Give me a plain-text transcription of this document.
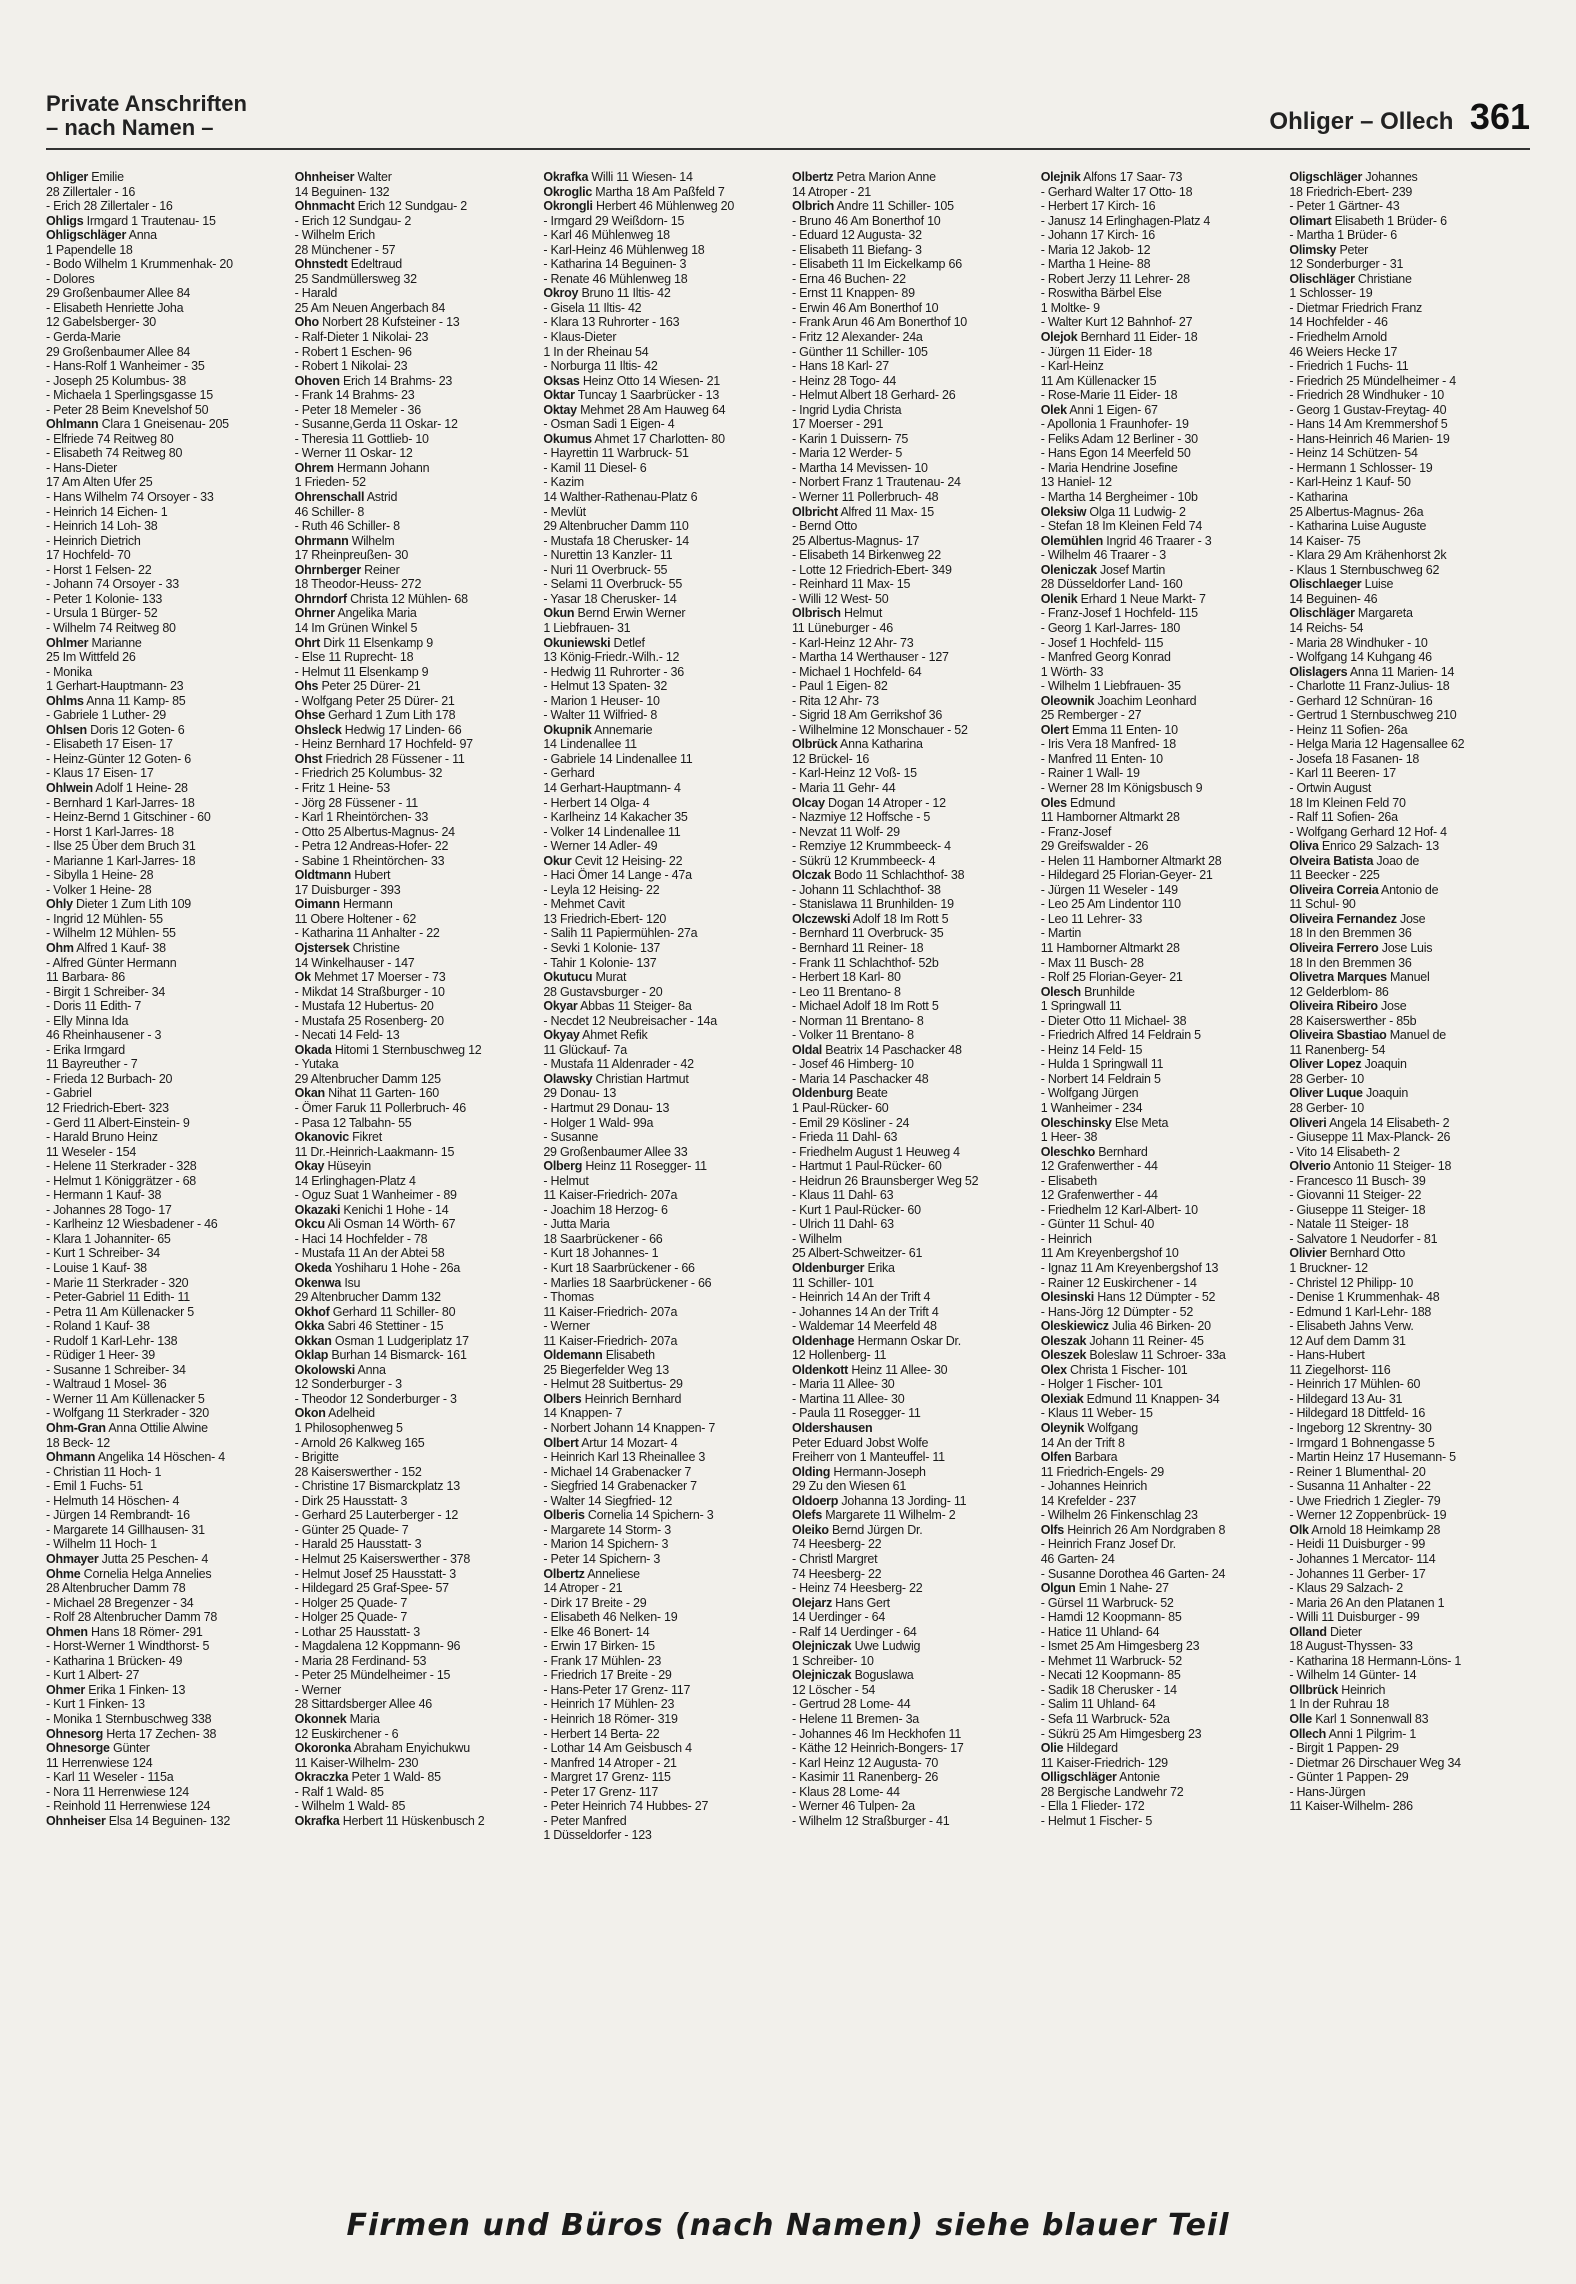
Private Anschriften
– nach Namen –	Ohliger – Ollech 361
Ohliger Emilie
28 Zillertaler - 16
- Erich 28 Zillertaler - 16
Ohligs Irmgard 1 Trautenau- 15
Ohligschläger Anna
1 Papendelle 18
- Bodo Wilhelm 1 Krummenhak- 20
- Dolores
29 Großenbaumer Allee 84
- Elisabeth Henriette Joha
12 Gabelsberger- 30
- Gerda-Marie
29 Großenbaumer Allee 84
- Hans-Rolf 1 Wanheimer - 35
- Joseph 25 Kolumbus- 38
- Michaela 1 Sperlingsgasse 15
- Peter 28 Beim Knevelshof 50
Ohlmann Clara 1 Gneisenau- 205
- Elfriede 74 Reitweg 80
- Elisabeth 74 Reitweg 80
- Hans-Dieter
17 Am Alten Ufer 25
- Hans Wilhelm 74 Orsoyer - 33
- Heinrich 14 Eichen- 1
- Heinrich 14 Loh- 38
- Heinrich Dietrich
17 Hochfeld- 70
- Horst 1 Felsen- 22
- Johann 74 Orsoyer - 33
- Peter 1 Kolonie- 133
- Ursula 1 Bürger- 52
- Wilhelm 74 Reitweg 80
Ohlmer Marianne
25 Im Wittfeld 26
- Monika
1 Gerhart-Hauptmann- 23
Ohlms Anna 11 Kamp- 85
- Gabriele 1 Luther- 29
Ohlsen Doris 12 Goten- 6
- Elisabeth 17 Eisen- 17
- Heinz-Günter 12 Goten- 6
- Klaus 17 Eisen- 17
Ohlwein Adolf 1 Heine- 28
- Bernhard 1 Karl-Jarres- 18
- Heinz-Bernd 1 Gitschiner - 60
- Horst 1 Karl-Jarres- 18
- Ilse 25 Über dem Bruch 31
- Marianne 1 Karl-Jarres- 18
- Sibylla 1 Heine- 28
- Volker 1 Heine- 28
Ohly Dieter 1 Zum Lith 109
- Ingrid 12 Mühlen- 55
- Wilhelm 12 Mühlen- 55
Ohm Alfred 1 Kauf- 38
- Alfred Günter Hermann
11 Barbara- 86
- Birgit 1 Schreiber- 34
- Doris 11 Edith- 7
- Elly Minna Ida
46 Rheinhausener - 3
- Erika Irmgard
11 Bayreuther - 7
- Frieda 12 Burbach- 20
- Gabriel
12 Friedrich-Ebert- 323
- Gerd 11 Albert-Einstein- 9
- Harald Bruno Heinz
11 Weseler - 154
- Helene 11 Sterkrader - 328
- Helmut 1 Königgrätzer - 68
- Hermann 1 Kauf- 38
- Johannes 28 Togo- 17
- Karlheinz 12 Wiesbadener - 46
- Klara 1 Johanniter- 65
- Kurt 1 Schreiber- 34
- Louise 1 Kauf- 38
- Marie 11 Sterkrader - 320
- Peter-Gabriel 11 Edith- 11
- Petra 11 Am Küllenacker 5
- Roland 1 Kauf- 38
- Rudolf 1 Karl-Lehr- 138
- Rüdiger 1 Heer- 39
- Susanne 1 Schreiber- 34
- Waltraud 1 Mosel- 36
- Werner 11 Am Küllenacker 5
- Wolfgang 11 Sterkrader - 320
Ohm-Gran Anna Ottilie Alwine
18 Beck- 12
Ohmann Angelika 14 Höschen- 4
- Christian 11 Hoch- 1
- Emil 1 Fuchs- 51
- Helmuth 14 Höschen- 4
- Jürgen 14 Rembrandt- 16
- Margarete 14 Gillhausen- 31
- Wilhelm 11 Hoch- 1
Ohmayer Jutta 25 Peschen- 4
Ohme Cornelia Helga Annelies
28 Altenbrucher Damm 78
- Michael 28 Bregenzer - 34
- Rolf 28 Altenbrucher Damm 78
Ohmen Hans 18 Römer- 291
- Horst-Werner 1 Windthorst- 5
- Katharina 1 Brücken- 49
- Kurt 1 Albert- 27
Ohmer Erika 1 Finken- 13
- Kurt 1 Finken- 13
- Monika 1 Sternbuschweg 338
Ohnesorg Herta 17 Zechen- 38
Ohnesorge Günter
11 Herrenwiese 124
- Karl 11 Weseler - 115a
- Nora 11 Herrenwiese 124
- Reinhold 11 Herrenwiese 124
Ohnheiser Elsa 14 Beguinen- 132
Ohnheiser Walter
14 Beguinen- 132
Ohnmacht Erich 12 Sundgau- 2
- Erich 12 Sundgau- 2
- Wilhelm Erich
28 Münchener - 57
Ohnstedt Edeltraud
25 Sandmüllersweg 32
- Harald
25 Am Neuen Angerbach 84
Oho Norbert 28 Kufsteiner - 13
- Ralf-Dieter 1 Nikolai- 23
- Robert 1 Eschen- 96
- Robert 1 Nikolai- 23
Ohoven Erich 14 Brahms- 23
- Frank 14 Brahms- 23
- Peter 18 Memeler - 36
- Susanne,Gerda 11 Oskar- 12
- Theresia 11 Gottlieb- 10
- Werner 11 Oskar- 12
Ohrem Hermann Johann
1 Frieden- 52
Ohrenschall Astrid
46 Schiller- 8
- Ruth 46 Schiller- 8
Ohrmann Wilhelm
17 Rheinpreußen- 30
Ohrnberger Reiner
18 Theodor-Heuss- 272
Ohrndorf Christa 12 Mühlen- 68
Ohrner Angelika Maria
14 Im Grünen Winkel 5
Ohrt Dirk 11 Elsenkamp 9
- Else 11 Ruprecht- 18
- Helmut 11 Elsenkamp 9
Ohs Peter 25 Dürer- 21
- Wolfgang Peter 25 Dürer- 21
Ohse Gerhard 1 Zum Lith 178
Ohsleck Hedwig 17 Linden- 66
- Heinz Bernhard 17 Hochfeld- 97
Ohst Friedrich 28 Füssener - 11
- Friedrich 25 Kolumbus- 32
- Fritz 1 Heine- 53
- Jörg 28 Füssener - 11
- Karl 1 Rheintörchen- 33
- Otto 25 Albertus-Magnus- 24
- Petra 12 Andreas-Hofer- 22
- Sabine 1 Rheintörchen- 33
Oldtmann Hubert
17 Duisburger - 393
Oimann Hermann
11 Obere Holtener - 62
- Katharina 11 Anhalter - 22
Ojstersek Christine
14 Winkelhauser - 147
Ok Mehmet 17 Moerser - 73
- Mikdat 14 Straßburger - 10
- Mustafa 12 Hubertus- 20
- Mustafa 25 Rosenberg- 20
- Necati 14 Feld- 13
Okada Hitomi 1 Sternbuschweg 12
- Yutaka
29 Altenbrucher Damm 125
Okan Nihat 11 Garten- 160
- Ömer Faruk 11 Pollerbruch- 46
- Pasa 12 Talbahn- 55
Okanovic Fikret
11 Dr.-Heinrich-Laakmann- 15
Okay Hüseyin
14 Erlinghagen-Platz 4
- Oguz Suat 1 Wanheimer - 89
Okazaki Kenichi 1 Hohe - 14
Okcu Ali Osman 14 Wörth- 67
- Haci 14 Hochfelder - 78
- Mustafa 11 An der Abtei 58
Okeda Yoshiharu 1 Hohe - 26a
Okenwa Isu
29 Altenbrucher Damm 132
Okhof Gerhard 11 Schiller- 80
Okka Sabri 46 Stettiner - 15
Okkan Osman 1 Ludgeriplatz 17
Oklap Burhan 14 Bismarck- 161
Okolowski Anna
12 Sonderburger - 3
- Theodor 12 Sonderburger - 3
Okon Adelheid
1 Philosophenweg 5
- Arnold 26 Kalkweg 165
- Brigitte
28 Kaiserswerther - 152
- Christine 17 Bismarckplatz 13
- Dirk 25 Hausstatt- 3
- Gerhard 25 Lauterberger - 12
- Günter 25 Quade- 7
- Harald 25 Hausstatt- 3
- Helmut 25 Kaiserswerther - 378
- Helmut Josef 25 Hausstatt- 3
- Hildegard 25 Graf-Spee- 57
- Holger 25 Quade- 7
- Holger 25 Quade- 7
- Lothar 25 Hausstatt- 3
- Magdalena 12 Koppmann- 96
- Maria 28 Ferdinand- 53
- Peter 25 Mündelheimer - 15
- Werner
28 Sittardsberger Allee 46
Okonnek Maria
12 Euskirchener - 6
Okoronka Abraham Enyichukwu
11 Kaiser-Wilhelm- 230
Okraczka Peter 1 Wald- 85
- Ralf 1 Wald- 85
- Wilhelm 1 Wald- 85
Okrafka Herbert 11 Hüskenbusch 2
Okrafka Willi 11 Wiesen- 14
Okroglic Martha 18 Am Paßfeld 7
Okrongli Herbert 46 Mühlenweg 20
- Irmgard 29 Weißdorn- 15
- Karl 46 Mühlenweg 18
- Karl-Heinz 46 Mühlenweg 18
- Katharina 14 Beguinen- 3
- Renate 46 Mühlenweg 18
Okroy Bruno 11 Iltis- 42
- Gisela 11 Iltis- 42
- Klara 13 Ruhrorter - 163
- Klaus-Dieter
1 In der Rheinau 54
- Norburga 11 Iltis- 42
Oksas Heinz Otto 14 Wiesen- 21
Oktar Tuncay 1 Saarbrücker - 13
Oktay Mehmet 28 Am Hauweg 64
- Osman Sadi 1 Eigen- 4
Okumus Ahmet 17 Charlotten- 80
- Hayrettin 11 Warbruck- 51
- Kamil 11 Diesel- 6
- Kazim
14 Walther-Rathenau-Platz 6
- Mevlüt
29 Altenbrucher Damm 110
- Mustafa 18 Cherusker- 14
- Nurettin 13 Kanzler- 11
- Nuri 11 Overbruck- 55
- Selami 11 Overbruck- 55
- Yasar 18 Cherusker- 14
Okun Bernd Erwin Werner
1 Liebfrauen- 31
Okuniewski Detlef
13 König-Friedr.-Wilh.- 12
- Hedwig 11 Ruhrorter - 36
- Helmut 13 Spaten- 32
- Marion 1 Heuser- 10
- Walter 11 Wilfried- 8
Okupnik Annemarie
14 Lindenallee 11
- Gabriele 14 Lindenallee 11
- Gerhard
14 Gerhart-Hauptmann- 4
- Herbert 14 Olga- 4
- Karlheinz 14 Kakacher 35
- Volker 14 Lindenallee 11
- Werner 14 Adler- 49
Okur Cevit 12 Heising- 22
- Haci Ömer 14 Lange - 47a
- Leyla 12 Heising- 22
- Mehmet Cavit
13 Friedrich-Ebert- 120
- Salih 11 Papiermühlen- 27a
- Sevki 1 Kolonie- 137
- Tahir 1 Kolonie- 137
Okutucu Murat
28 Gustavsburger - 20
Okyar Abbas 11 Steiger- 8a
- Necdet 12 Neubreisacher - 14a
Okyay Ahmet Refik
11 Glückauf- 7a
- Mustafa 11 Aldenrader - 42
Olawsky Christian Hartmut
29 Donau- 13
- Hartmut 29 Donau- 13
- Holger 1 Wald- 99a
- Susanne
29 Großenbaumer Allee 33
Olberg Heinz 11 Rosegger- 11
- Helmut
11 Kaiser-Friedrich- 207a
- Joachim 18 Herzog- 6
- Jutta Maria
18 Saarbrückener - 66
- Kurt 18 Johannes- 1
- Kurt 18 Saarbrückener - 66
- Marlies 18 Saarbrückener - 66
- Thomas
11 Kaiser-Friedrich- 207a
- Werner
11 Kaiser-Friedrich- 207a
Oldemann Elisabeth
25 Biegerfelder Weg 13
- Helmut 28 Suitbertus- 29
Olbers Heinrich Bernhard
14 Knappen- 7
- Norbert Johann 14 Knappen- 7
Olbert Artur 14 Mozart- 4
- Heinrich Karl 13 Rheinallee 3
- Michael 14 Grabenacker 7
- Siegfried 14 Grabenacker 7
- Walter 14 Siegfried- 12
Olberis Cornelia 14 Spichern- 3
- Margarete 14 Storm- 3
- Marion 14 Spichern- 3
- Peter 14 Spichern- 3
Olbertz Anneliese
14 Atroper - 21
- Dirk 17 Breite - 29
- Elisabeth 46 Nelken- 19
- Elke 46 Bonert- 14
- Erwin 17 Birken- 15
- Frank 17 Mühlen- 23
- Friedrich 17 Breite - 29
- Hans-Peter 17 Grenz- 117
- Heinrich 17 Mühlen- 23
- Heinrich 18 Römer- 319
- Herbert 14 Berta- 22
- Lothar 14 Am Geisbusch 4
- Manfred 14 Atroper - 21
- Margret 17 Grenz- 115
- Peter 17 Grenz- 117
- Peter Heinrich 74 Hubbes- 27
- Peter Manfred
1 Düsseldorfer - 123
Olbertz Petra Marion Anne
14 Atroper - 21
Olbrich Andre 11 Schiller- 105
- Bruno 46 Am Bonerthof 10
- Eduard 12 Augusta- 32
- Elisabeth 11 Biefang- 3
- Elisabeth 11 Im Eickelkamp 66
- Erna 46 Buchen- 22
- Ernst 11 Knappen- 89
- Erwin 46 Am Bonerthof 10
- Frank Arun 46 Am Bonerthof 10
- Fritz 12 Alexander- 24a
- Günther 11 Schiller- 105
- Hans 18 Karl- 27
- Heinz 28 Togo- 44
- Helmut Albert 18 Gerhard- 26
- Ingrid Lydia Christa
17 Moerser - 291
- Karin 1 Duissern- 75
- Maria 12 Werder- 5
- Martha 14 Mevissen- 10
- Norbert Franz 1 Trautenau- 24
- Werner 11 Pollerbruch- 48
Olbricht Alfred 11 Max- 15
- Bernd Otto
25 Albertus-Magnus- 17
- Elisabeth 14 Birkenweg 22
- Lotte 12 Friedrich-Ebert- 349
- Reinhard 11 Max- 15
- Willi 12 West- 50
Olbrisch Helmut
11 Lüneburger - 46
- Karl-Heinz 12 Ahr- 73
- Martha 14 Werthauser - 127
- Michael 1 Hochfeld- 64
- Paul 1 Eigen- 82
- Rita 12 Ahr- 73
- Sigrid 18 Am Gerrikshof 36
- Wilhelmine 12 Monschauer - 52
Olbrück Anna Katharina
12 Brückel- 16
- Karl-Heinz 12 Voß- 15
- Maria 11 Gehr- 44
Olcay Dogan 14 Atroper - 12
- Nazmiye 12 Hoffsche - 5
- Nevzat 11 Wolf- 29
- Remziye 12 Krummbeeck- 4
- Sükrü 12 Krummbeeck- 4
Olczak Bodo 11 Schlachthof- 38
- Johann 11 Schlachthof- 38
- Stanislawa 11 Brunhilden- 19
Olczewski Adolf 18 Im Rott 5
- Bernhard 11 Overbruck- 35
- Bernhard 11 Reiner- 18
- Frank 11 Schlachthof- 52b
- Herbert 18 Karl- 80
- Leo 11 Brentano- 8
- Michael Adolf 18 Im Rott 5
- Norman 11 Brentano- 8
- Volker 11 Brentano- 8
Oldal Beatrix 14 Paschacker 48
- Josef 46 Himberg- 10
- Maria 14 Paschacker 48
Oldenburg Beate
1 Paul-Rücker- 60
- Emil 29 Kösliner - 24
- Frieda 11 Dahl- 63
- Friedhelm August 1 Heuweg 4
- Hartmut 1 Paul-Rücker- 60
- Heidrun 26 Braunsberger Weg 52
- Klaus 11 Dahl- 63
- Kurt 1 Paul-Rücker- 60
- Ulrich 11 Dahl- 63
- Wilhelm
25 Albert-Schweitzer- 61
Oldenburger Erika
11 Schiller- 101
- Heinrich 14 An der Trift 4
- Johannes 14 An der Trift 4
- Waldemar 14 Meerfeld 48
Oldenhage Hermann Oskar Dr.
12 Hollenberg- 11
Oldenkott Heinz 11 Allee- 30
- Maria 11 Allee- 30
- Martina 11 Allee- 30
- Paula 11 Rosegger- 11
Oldershausen
Peter Eduard Jobst Wolfe
Freiherr von 1 Manteuffel- 11
Olding Hermann-Joseph
29 Zu den Wiesen 61
Oldoerp Johanna 13 Jording- 11
Olefs Margarete 11 Wilhelm- 2
Oleiko Bernd Jürgen Dr.
74 Heesberg- 22
- Christl Margret
74 Heesberg- 22
- Heinz 74 Heesberg- 22
Olejarz Hans Gert
14 Uerdinger - 64
- Ralf 14 Uerdinger - 64
Olejniczak Uwe Ludwig
1 Schreiber- 10
Olejniczak Boguslawa
12 Löscher - 54
- Gertrud 28 Lome- 44
- Helene 11 Bremen- 3a
- Johannes 46 Im Heckhofen 11
- Käthe 12 Heinrich-Bongers- 17
- Karl Heinz 12 Augusta- 70
- Kasimir 11 Ranenberg- 26
- Klaus 28 Lome- 44
- Werner 46 Tulpen- 2a
- Wilhelm 12 Straßburger - 41
Olejnik Alfons 17 Saar- 73
- Gerhard Walter 17 Otto- 18
- Herbert 17 Kirch- 16
- Janusz 14 Erlinghagen-Platz 4
- Johann 17 Kirch- 16
- Maria 12 Jakob- 12
- Martha 1 Heine- 88
- Robert Jerzy 11 Lehrer- 28
- Roswitha Bärbel Else
1 Moltke- 9
- Walter Kurt 12 Bahnhof- 27
Olejok Bernhard 11 Eider- 18
- Jürgen 11 Eider- 18
- Karl-Heinz
11 Am Küllenacker 15
- Rose-Marie 11 Eider- 18
Olek Anni 1 Eigen- 67
- Apollonia 1 Fraunhofer- 19
- Feliks Adam 12 Berliner - 30
- Hans Egon 14 Meerfeld 50
- Maria Hendrine Josefine
13 Haniel- 12
- Martha 14 Bergheimer - 10b
Oleksiw Olga 11 Ludwig- 2
- Stefan 18 Im Kleinen Feld 74
Olemühlen Ingrid 46 Traarer - 3
- Wilhelm 46 Traarer - 3
Oleniczak Josef Martin
28 Düsseldorfer Land- 160
Olenik Erhard 1 Neue Markt- 7
- Franz-Josef 1 Hochfeld- 115
- Georg 1 Karl-Jarres- 180
- Josef 1 Hochfeld- 115
- Manfred Georg Konrad
1 Wörth- 33
- Wilhelm 1 Liebfrauen- 35
Oleownik Joachim Leonhard
25 Remberger - 27
Olert Emma 11 Enten- 10
- Iris Vera 18 Manfred- 18
- Manfred 11 Enten- 10
- Rainer 1 Wall- 19
- Werner 28 Im Königsbusch 9
Oles Edmund
11 Hamborner Altmarkt 28
- Franz-Josef
29 Greifswalder - 26
- Helen 11 Hamborner Altmarkt 28
- Hildegard 25 Florian-Geyer- 21
- Jürgen 11 Weseler - 149
- Leo 25 Am Lindentor 110
- Leo 11 Lehrer- 33
- Martin
11 Hamborner Altmarkt 28
- Max 11 Busch- 28
- Rolf 25 Florian-Geyer- 21
Olesch Brunhilde
1 Springwall 11
- Dieter Otto 11 Michael- 38
- Friedrich Alfred 14 Feldrain 5
- Heinz 14 Feld- 15
- Hulda 1 Springwall 11
- Norbert 14 Feldrain 5
- Wolfgang Jürgen
1 Wanheimer - 234
Oleschinsky Else Meta
1 Heer- 38
Oleschko Bernhard
12 Grafenwerther - 44
- Elisabeth
12 Grafenwerther - 44
- Friedhelm 12 Karl-Albert- 10
- Günter 11 Schul- 40
- Heinrich
11 Am Kreyenbergshof 10
- Ignaz 11 Am Kreyenbergshof 13
- Rainer 12 Euskirchener - 14
Olesinski Hans 12 Dümpter - 52
- Hans-Jörg 12 Dümpter - 52
Oleskiewicz Julia 46 Birken- 20
Oleszak Johann 11 Reiner- 45
Oleszek Boleslaw 11 Schroer- 33a
Olex Christa 1 Fischer- 101
- Holger 1 Fischer- 101
Olexiak Edmund 11 Knappen- 34
- Klaus 11 Weber- 15
Oleynik Wolfgang
14 An der Trift 8
Olfen Barbara
11 Friedrich-Engels- 29
- Johannes Heinrich
14 Krefelder - 237
- Wilhelm 26 Finkenschlag 23
Olfs Heinrich 26 Am Nordgraben 8
- Heinrich Franz Josef Dr.
46 Garten- 24
- Susanne Dorothea 46 Garten- 24
Olgun Emin 1 Nahe- 27
- Gürsel 11 Warbruck- 52
- Hamdi 12 Koopmann- 85
- Hatice 11 Uhland- 64
- Ismet 25 Am Himgesberg 23
- Mehmet 11 Warbruck- 52
- Necati 12 Koopmann- 85
- Sadik 18 Cherusker - 14
- Salim 11 Uhland- 64
- Sefa 11 Warbruck- 52a
- Sükrü 25 Am Himgesberg 23
Olie Hildegard
11 Kaiser-Friedrich- 129
Olligschläger Antonie
28 Bergische Landwehr 72
- Ella 1 Flieder- 172
- Helmut 1 Fischer- 5
Oligschläger Johannes
18 Friedrich-Ebert- 239
- Peter 1 Gärtner- 43
Olimart Elisabeth 1 Brüder- 6
- Martha 1 Brüder- 6
Olimsky Peter
12 Sonderburger - 31
Olischläger Christiane
1 Schlosser- 19
- Dietmar Friedrich Franz
14 Hochfelder - 46
- Friedhelm Arnold
46 Weiers Hecke 17
- Friedrich 1 Fuchs- 11
- Friedrich 25 Mündelheimer - 4
- Friedrich 28 Windhuker - 10
- Georg 1 Gustav-Freytag- 40
- Hans 14 Am Kremmershof 5
- Hans-Heinrich 46 Marien- 19
- Heinz 14 Schützen- 54
- Hermann 1 Schlosser- 19
- Karl-Heinz 1 Kauf- 50
- Katharina
25 Albertus-Magnus- 26a
- Katharina Luise Auguste
14 Kaiser- 75
- Klara 29 Am Krähenhorst 2k
- Klaus 1 Sternbuschweg 62
Olischlaeger Luise
14 Beguinen- 46
Olischläger Margareta
14 Reichs- 54
- Maria 28 Windhuker - 10
- Wolfgang 14 Kuhgang 46
Olislagers Anna 11 Marien- 14
- Charlotte 11 Franz-Julius- 18
- Gerhard 12 Schnüran- 16
- Gertrud 1 Sternbuschweg 210
- Heinz 11 Sofien- 26a
- Helga Maria 12 Hagensallee 62
- Josefa 18 Fasanen- 18
- Karl 11 Beeren- 17
- Ortwin August
18 Im Kleinen Feld 70
- Ralf 11 Sofien- 26a
- Wolfgang Gerhard 12 Hof- 4
Oliva Enrico 29 Salzach- 13
Olveira Batista Joao de
11 Beecker - 225
Oliveira Correia Antonio de
11 Schul- 90
Oliveira Fernandez Jose
18 In den Bremmen 36
Oliveira Ferrero Jose Luis
18 In den Bremmen 36
Olivetra Marques Manuel
12 Gelderblom- 86
Oliveira Ribeiro Jose
28 Kaiserswerther - 85b
Oliveira Sbastiao Manuel de
11 Ranenberg- 54
Oliver Lopez Joaquin
28 Gerber- 10
Oliver Luque Joaquin
28 Gerber- 10
Oliveri Angela 14 Elisabeth- 2
- Giuseppe 11 Max-Planck- 26
- Vito 14 Elisabeth- 2
Olverio Antonio 11 Steiger- 18
- Francesco 11 Busch- 39
- Giovanni 11 Steiger- 22
- Giuseppe 11 Steiger- 18
- Natale 11 Steiger- 18
- Salvatore 1 Neudorfer - 81
Olivier Bernhard Otto
1 Bruckner- 12
- Christel 12 Philipp- 10
- Denise 1 Krummenhak- 48
- Edmund 1 Karl-Lehr- 188
- Elisabeth Jahns Verw.
12 Auf dem Damm 31
- Hans-Hubert
11 Ziegelhorst- 116
- Heinrich 17 Mühlen- 60
- Hildegard 13 Au- 31
- Hildegard 18 Dittfeld- 16
- Ingeborg 12 Skrentny- 30
- Irmgard 1 Bohnengasse 5
- Martin Heinz 17 Husemann- 5
- Reiner 1 Blumenthal- 20
- Susanna 11 Anhalter - 22
- Uwe Friedrich 1 Ziegler- 79
- Werner 12 Zoppenbrück- 19
Olk Arnold 18 Heimkamp 28
- Heidi 11 Duisburger - 99
- Johannes 1 Mercator- 114
- Johannes 11 Gerber- 17
- Klaus 29 Salzach- 2
- Maria 26 An den Platanen 1
- Willi 11 Duisburger - 99
Olland Dieter
18 August-Thyssen- 33
- Katharina 18 Hermann-Löns- 1
- Wilhelm 14 Günter- 14
Ollbrück Heinrich
1 In der Ruhrau 18
Olle Karl 1 Sonnenwall 83
Ollech Anni 1 Pilgrim- 1
- Birgit 1 Pappen- 29
- Dietmar 26 Dirschauer Weg 34
- Günter 1 Pappen- 29
- Hans-Jürgen
11 Kaiser-Wilhelm- 286
Firmen und Büros (nach Namen) siehe blauer Teil
